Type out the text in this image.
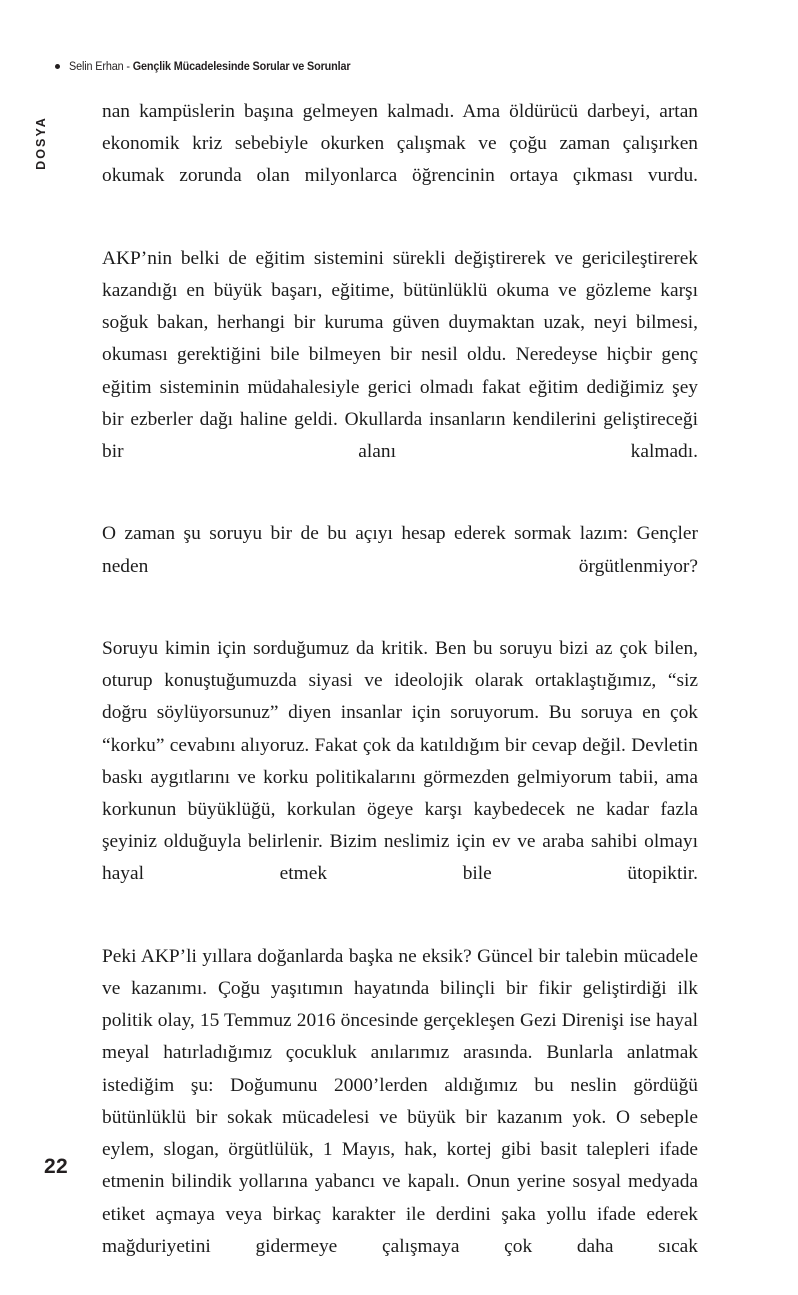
Selin Erhan - Gençlik Mücadelesinde Sorular ve Sorunlar
DOSYA

nan kampüslerin başına gelmeyen kalmadı. Ama öldürücü darbeyi, artan ekonomik kriz sebebiyle okurken çalışmak ve çoğu zaman çalışırken okumak zorunda olan milyonlarca öğrencinin ortaya çıkması vurdu.

AKP’nin belki de eğitim sistemini sürekli değiştirerek ve gericileştirerek kazandığı en büyük başarı, eğitime, bütünlüklü okuma ve gözleme karşı soğuk bakan, herhangi bir kuruma güven duymaktan uzak, neyi bilmesi, okuması gerektiğini bile bilmeyen bir nesil oldu. Neredeyse hiçbir genç eğitim sisteminin müdahalesiyle gerici olmadı fakat eğitim dediğimiz şey bir ezberler dağı haline geldi. Okullarda insanların kendilerini geliştireceği bir alanı kalmadı.

O zaman şu soruyu bir de bu açıyı hesap ederek sormak lazım: Gençler neden örgütlenmiyor?

Soruyu kimin için sorduğumuz da kritik. Ben bu soruyu bizi az çok bilen, oturup konuştuğumuzda siyasi ve ideolojik olarak ortaklaştığımız, “siz doğru söylüyorsunuz” diyen insanlar için soruyorum. Bu soruya en çok “korku” cevabını alıyoruz. Fakat çok da katıldığım bir cevap değil. Devletin baskı aygıtlarını ve korku politikalarını görmezden gelmiyorum tabii, ama korkunun büyüklüğü, korkulan ögeye karşı kaybedecek ne kadar fazla şeyiniz olduğuyla belirlenir. Bizim neslimiz için ev ve araba sahibi olmayı hayal etmek bile ütopiktir.

Peki AKP’li yıllara doğanlarda başka ne eksik? Güncel bir talebin mücadele ve kazanımı. Çoğu yaşıtımın hayatında bilinçli bir fikir geliştirdiği ilk politik olay, 15 Temmuz 2016 öncesinde gerçekleşen Gezi Direnişi ise hayal meyal hatırladığımız çocukluk anılarımız arasında. Bunlarla anlatmak istediğim şu: Doğumunu 2000’lerden aldığımız bu neslin gördüğü bütünlüklü bir sokak mücadelesi ve büyük bir kazanım yok. O sebeple eylem, slogan, örgütlülük, 1 Mayıs, hak, kortej gibi basit talepleri ifade etmenin bilindik yollarına yabancı ve kapalı. Onun yerine sosyal medyada etiket açmaya veya birkaç karakter ile derdini şaka yollu ifade ederek mağduriyetini gidermeye çalışmaya çok daha sıcak

22
